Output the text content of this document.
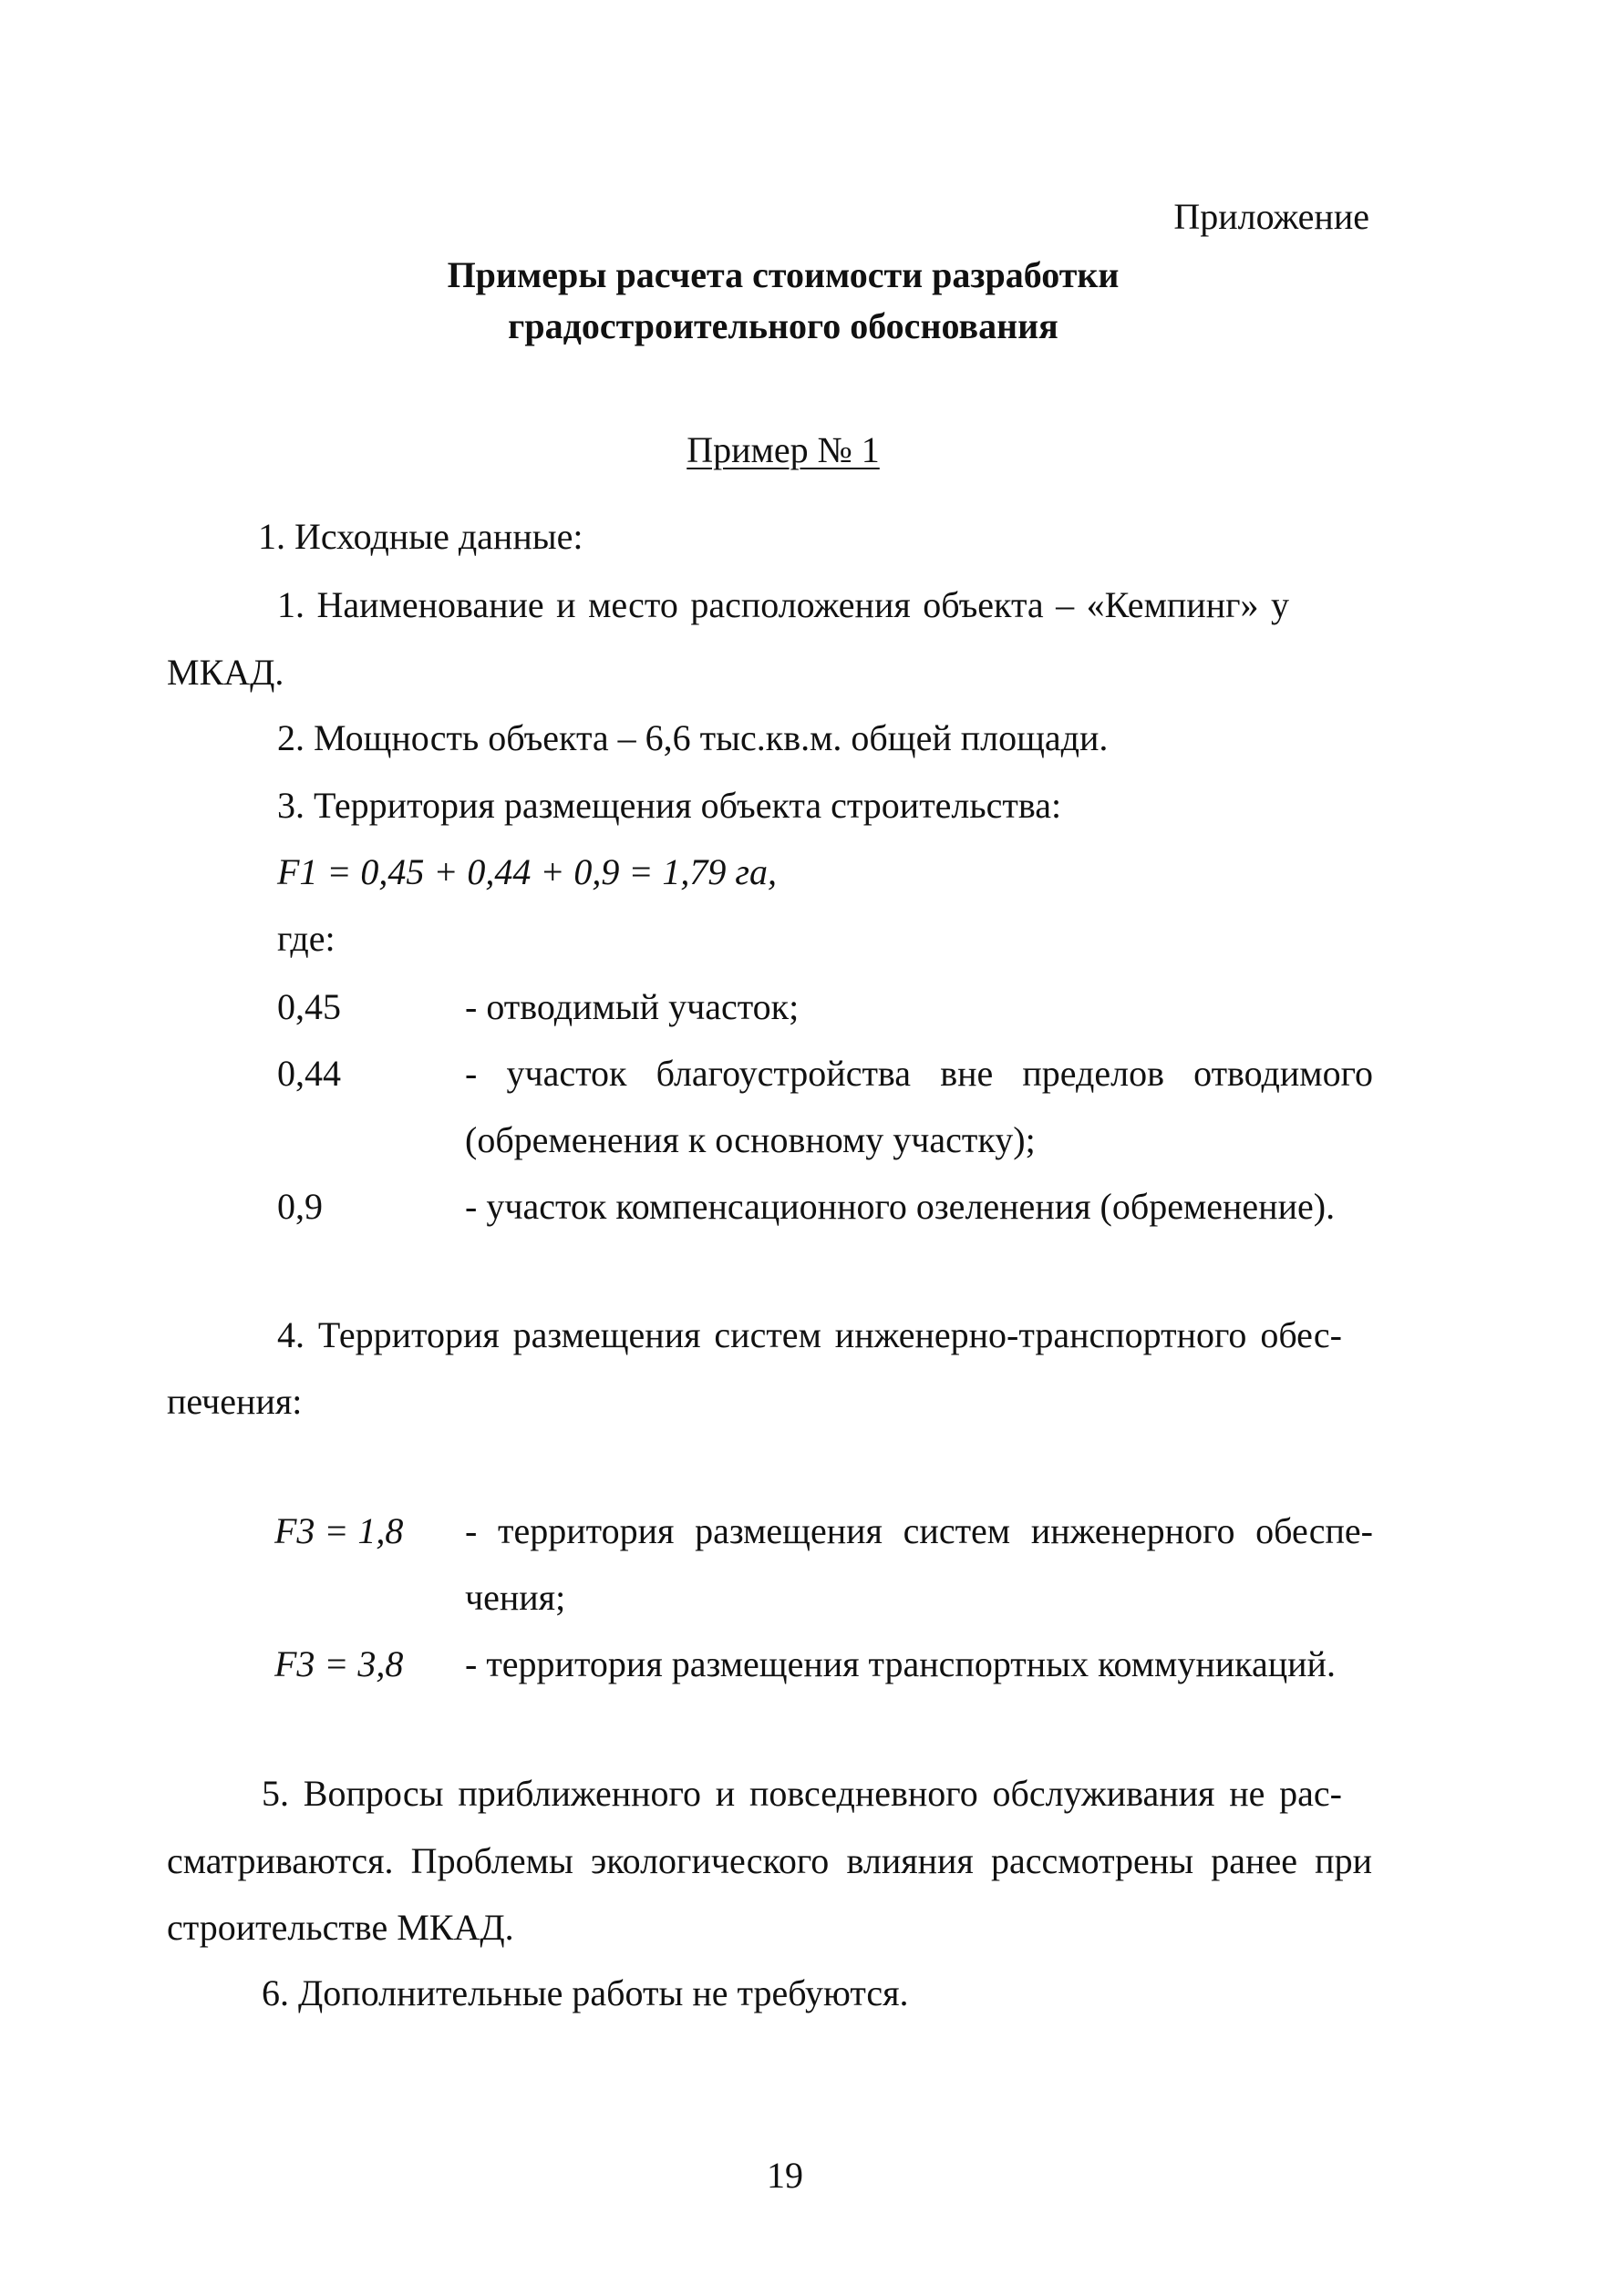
Приложение
Примеры расчета стоимости разработки
градостроительного обоснования
Пример № 1
1. Исходные данные:
1. Наименование и место расположения объекта – «Кемпинг» у
МКАД.
2. Мощность объекта – 6,6 тыс.кв.м. общей площади.
3. Территория размещения объекта строительства:
F1 = 0,45 + 0,44 + 0,9 = 1,79 га,
где:
0,45	- отводимый участок;
0,44	- участок благоустройства вне пределов отводимого
(обременения к основному участку);
0,9	- участок компенсационного озеленения (обременение).
4. Территория размещения систем инженерно-транспортного обес-
печения:
F3 = 1,8 - территория размещения систем инженерного обеспе-
чения;
F3 = 3,8 - территория размещения транспортных коммуникаций.
5. Вопросы приближенного и повседневного обслуживания не рас-
сматриваются. Проблемы экологического влияния рассмотрены ранее при
строительстве МКАД.
6. Дополнительные работы не требуются.
19
